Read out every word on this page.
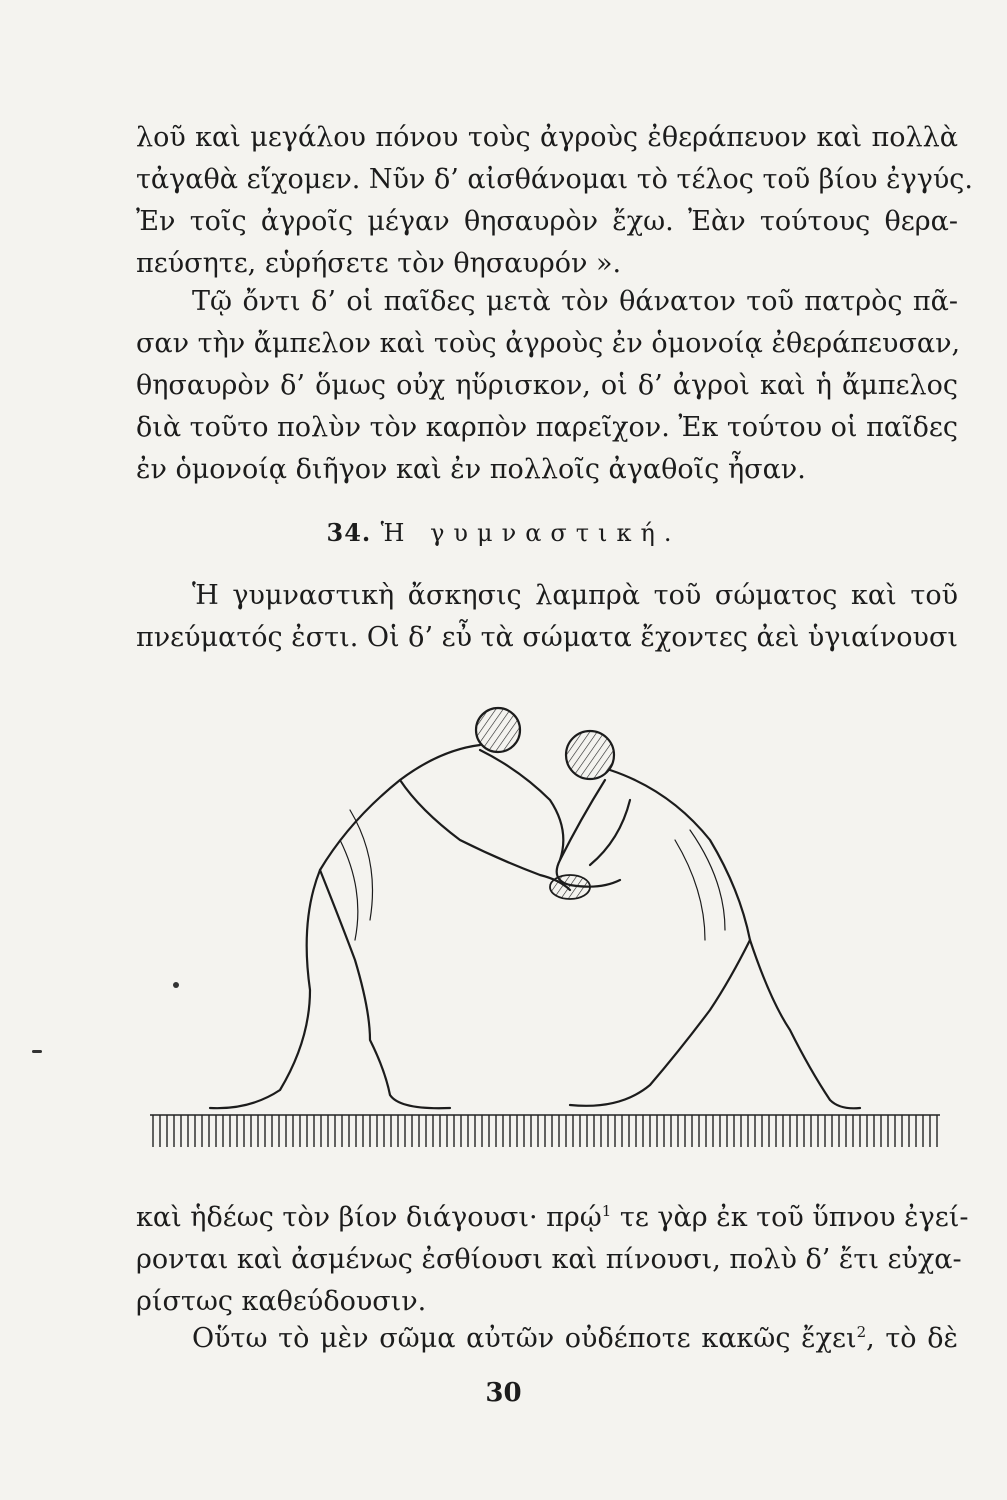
λοῦ καὶ μεγάλου πόνου τοὺς ἀγροὺς ἐθεράπευον καὶ πολλὰ
τἀγαθὰ εἴχομεν. Νῦν δ’ αἰσθάνομαι τὸ τέλος τοῦ βίου ἐγγύς.
Ἐν τοῖς ἀγροῖς μέγαν θησαυρὸν ἔχω. Ἐὰν τούτους θερα-
πεύσητε, εὑρήσετε τὸν θησαυρόν ».
Τῷ ὄντι δ’ οἱ παῖδες μετὰ τὸν θάνατον τοῦ πατρὸς πᾶ-
σαν τὴν ἄμπελον καὶ τοὺς ἀγροὺς ἐν ὁμονοίᾳ ἐθεράπευσαν,
θησαυρὸν δ’ ὅμως οὐχ ηὕρισκον, οἱ δ’ ἀγροὶ καὶ ἡ ἄμπελος
διὰ τοῦτο πολὺν τὸν καρπὸν παρεῖχον. Ἐκ τούτου οἱ παῖδες
ἐν ὁμονοίᾳ διῆγον καὶ ἐν πολλοῖς ἀγαθοῖς ἦσαν.
34. Ἡ γυμναστική.
Ἡ γυμναστικὴ ἄσκησις λαμπρὰ τοῦ σώματος καὶ τοῦ
πνεύματός ἐστι. Οἱ δ’ εὖ τὰ σώματα ἔχοντες ἀεὶ ὑγιαίνουσι
καὶ ἡδέως τὸν βίον διάγουσι· πρῴ$^1$ τε γὰρ ἐκ τοῦ ὕπνου ἐγεί-
ρονται καὶ ἀσμένως ἐσθίουσι καὶ πίνουσι, πολὺ δ’ ἔτι εὐχα-
ρίστως καθεύδουσιν.
Οὕτω τὸ μὲν σῶμα αὐτῶν οὐδέποτε κακῶς ἔχει$^2$, τὸ δὲ
30
